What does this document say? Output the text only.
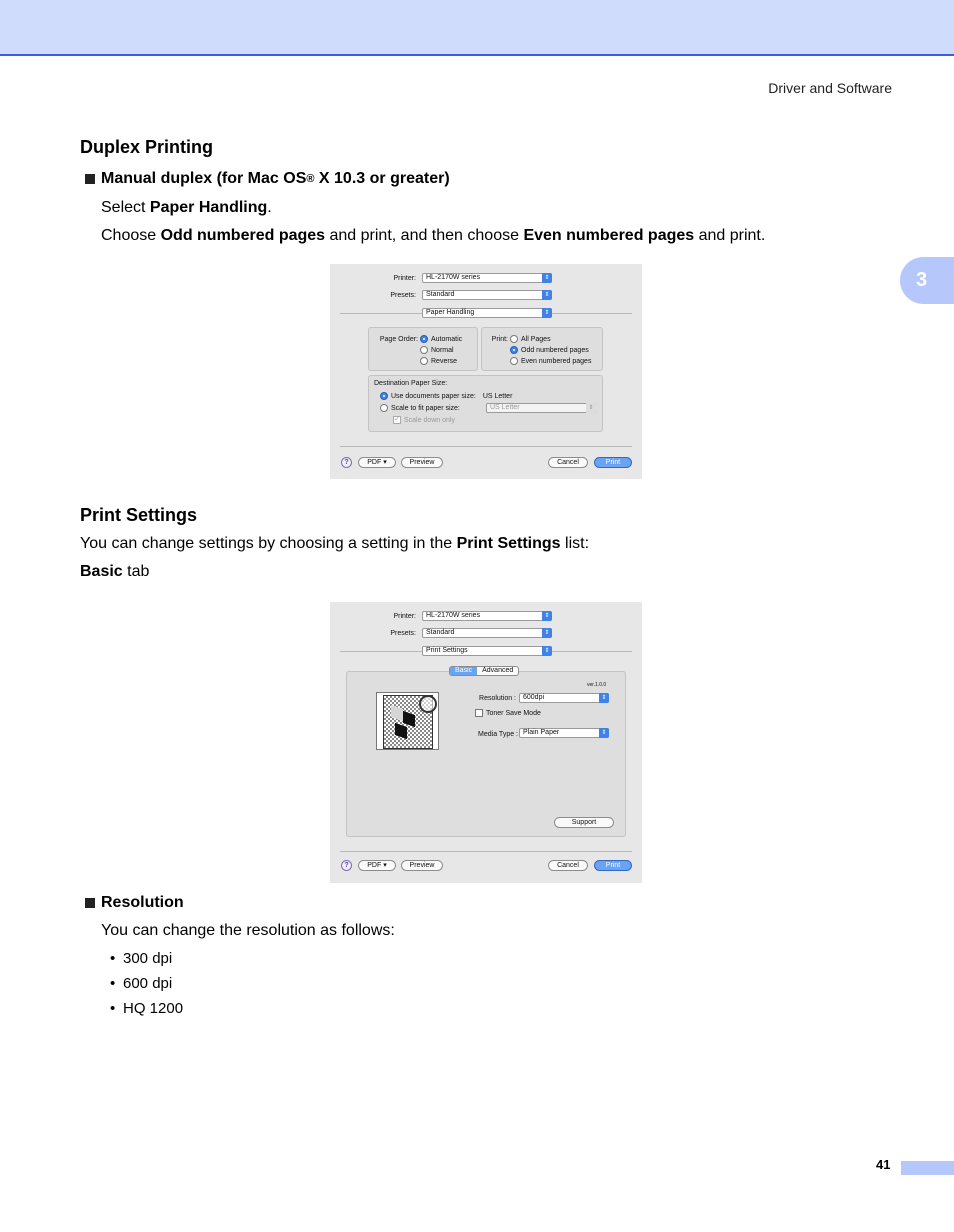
Driver and Software
3
Duplex Printing
Manual duplex (for Mac OS ® X 10.3 or greater)
Select Paper Handling.
Choose Odd numbered pages and print, and then choose Even numbered pages and print.
Printer:	HL-2170W series	⇕
Presets:	Standard	⇕
Paper Handling	⇕
Page Order: Automatic
Normal
Reverse
Print: All Pages
Odd numbered pages
Even numbered pages
Destination Paper Size:
Use documents paper size: US Letter
Scale to fit paper size:	US Letter	⇕
✓ Scale down only
?	PDF ▾	Preview	Cancel	Print
Print Settings
You can change settings by choosing a setting in the Print Settings list:
Basic tab
Printer:	HL-2170W series	⇕
Presets:	Standard	⇕
Print Settings	⇕
Basic	Advanced
ver.1.0.0
Resolution :	600dpi	⇕
Toner Save Mode
Media Type : Plain Paper	⇕
Support
?	PDF ▾	Preview	Cancel	Print
Resolution
You can change the resolution as follows:
• 300 dpi
• 600 dpi
• HQ 1200
41
